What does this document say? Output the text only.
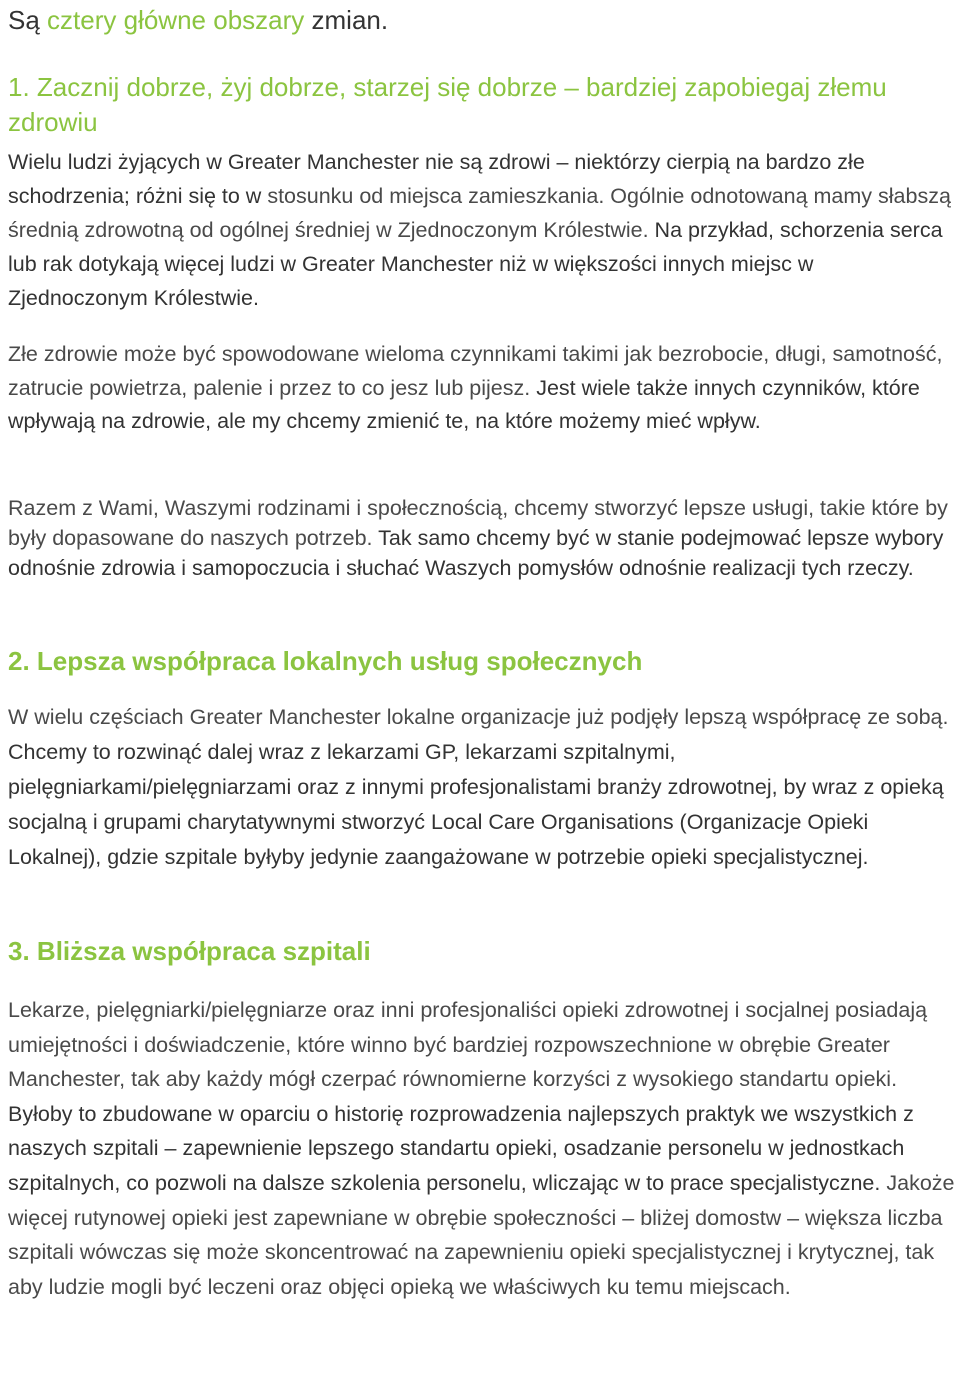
Są cztery główne obszary zmian.
1. Zacznij dobrze, żyj dobrze, starzej się dobrze – bardziej zapobiegaj złemu zdrowiu

Wielu ludzi żyjących w Greater Manchester nie są zdrowi – niektórzy cierpią na bardzo złe schodrzenia; różni się to w stosunku od miejsca zamieszkania. Ogólnie odnotowaną mamy słabszą średnią zdrowotną od ogólnej średniej w Zjednoczonym Królestwie. Na przykład, schorzenia serca lub rak dotykają więcej ludzi w Greater Manchester niż w większości innych miejsc w Zjednoczonym Królestwie.

Złe zdrowie może być spowodowane wieloma czynnikami takimi jak bezrobocie, długi, samotność, zatrucie powietrza, palenie i przez to co jesz lub pijesz. Jest wiele także innych czynników, które wpływają na zdrowie, ale my chcemy zmienić te, na które możemy mieć wpływ.

Razem z Wami, Waszymi rodzinami i społecznością, chcemy stworzyć lepsze usługi, takie które by były dopasowane do naszych potrzeb. Tak samo chcemy być w stanie podejmować lepsze wybory odnośnie zdrowia i samopoczucia i słuchać Waszych pomysłów odnośnie realizacji tych rzeczy.

2. Lepsza współpraca lokalnych usług społecznych

W wielu częściach Greater Manchester lokalne organizacje już podjęły lepszą współpracę ze sobą. Chcemy to rozwinąć dalej wraz z lekarzami GP, lekarzami szpitalnymi, pielęgniarkami/pielęgniarzami oraz z innymi profesjonalistami branży zdrowotnej, by wraz z opieką socjalną i grupami charytatywnymi stworzyć Local Care Organisations (Organizacje Opieki Lokalnej), gdzie szpitale byłyby jedynie zaangażowane w potrzebie opieki specjalistycznej.

3. Bliższa współpraca szpitali

Lekarze, pielęgniarki/pielęgniarze oraz inni profesjonaliści opieki zdrowotnej i socjalnej posiadają umiejętności i doświadczenie, które winno być bardziej rozpowszechnione w obrębie Greater Manchester, tak aby każdy mógł czerpać równomierne korzyści z wysokiego standartu opieki. Byłoby to zbudowane w oparciu o historię rozprowadzenia najlepszych praktyk we wszystkich z naszych szpitali – zapewnienie lepszego standartu opieki, osadzanie personelu w jednostkach szpitalnych, co pozwoli na dalsze szkolenia personelu, wliczając w to prace specjalistyczne. Jakoże więcej rutynowej opieki jest zapewniane w obrębie społeczności – bliżej domostw – większa liczba szpitali wówczas się może skoncentrować na zapewnieniu opieki specjalistycznej i krytycznej, tak aby ludzie mogli być leczeni oraz objęci opieką we właściwych ku temu miejscach.
